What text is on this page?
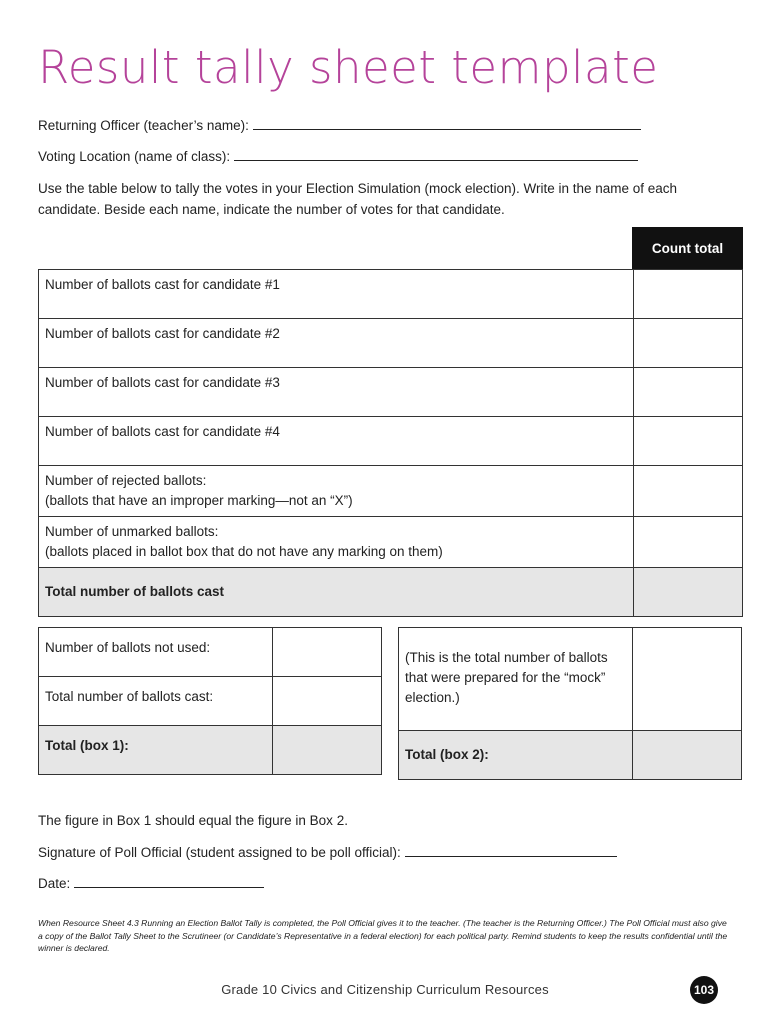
Result tally sheet template
Returning Officer (teacher’s name):
Voting Location (name of class):
Use the table below to tally the votes in your Election Simulation (mock election). Write in the name of each candidate. Beside each name, indicate the number of votes for that candidate.
Count total
Number of ballots cast for candidate #1	
Number of ballots cast for candidate #2	
Number of ballots cast for candidate #3	
Number of ballots cast for candidate #4	
Number of rejected ballots:
(ballots that have an improper marking—not an “X”)	
Number of unmarked ballots:
(ballots placed in ballot box that do not have any marking on them)	
Total number of ballots cast	
Number of ballots not used:	
Total number of ballots cast:	
Total (box 1):	
(This is the total number of ballots that were prepared for the “mock” election.)	
Total (box 2):	
The figure in Box 1 should equal the figure in Box 2.
Signature of Poll Official (student assigned to be poll official):
Date:
When Resource Sheet 4.3 Running an Election Ballot Tally is completed, the Poll Official gives it to the teacher. (The teacher is the Returning Officer.) The Poll Official must also give a copy of the Ballot Tally Sheet to the Scrutineer (or Candidate’s Representative in a federal election) for each political party. Remind students to keep the results confidential until the winner is declared.
Grade 10 Civics and Citizenship Curriculum Resources	103
